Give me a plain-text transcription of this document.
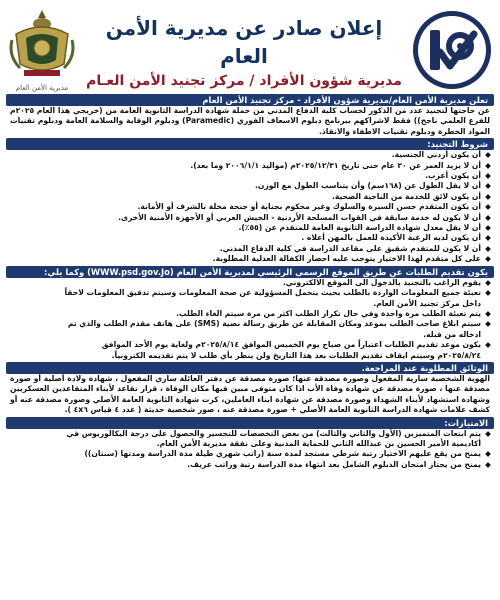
إعلان صادر عن مديرية الأمن العام
مديرية شؤون الأفراد / مركز تجنيد الأمن العـام
مديرية الأمن العام
تعلن مديرية الأمن العام/مديرية شؤون الأفراد - مركز تجنيد الأمن العام
عن حاجتها لتجنيد عدد من الذكور لحساب كلية الدفاع المدني من حملة شهادة الدراسة الثانوية العامة من (خريجي هذا العام ٢٠٢٥م للفرع العلمي ناجح)) فقط لاشراكهم ببرنامج دبلوم الاسعاف الفوري (Paramedic) ودبلوم الوقاية والسلامة العامة ودبلوم تقنيات المواد الخطرة ودبلوم تقنيات الاطفاء والانقاذ.
شروط التجنيد:
أن يكون أردني الجنسية.
أن لا يزيد العمر عن ٢٠ عام حتى تاريخ ٢٠٢٥/١٢/٣١م (مواليد ٢٠٠٦/١/١ وما بعد).
أن يكون أعزب.
أن لا يقل الطول عن (١٦٨سم) وأن يتناسب الطول مع الوزن.
أن يكون لائق للخدمة من الناحية الصحية.
أن يكون المتقدم حسن السيرة والسلوك وغير محكوم بجناية أو جنحة مخلة بالشرف أو الأمانة.
أن لا يكون له خدمة سابقة في القوات المسلحة الأردنية - الجيش العربي أو الأجهزة الأمنية الأخرى.
أن لا يقل معدل شهادة الدراسة الثانوية العامة للمتقدم عن (٥٥٪).
أن يكون لديه الرغبة الأكيدة للعمل بالمهن أعلاه .
أن لا يكون للمتقدم شقيق على مقاعد الدراسة في كلية الدفاع المدني.
على كل متقدم لهذا الاختيار يتوجب عليه احضار الكفالة العدلية المطلوبة.
يكون تقديم الطلبات عن طريق الموقع الرسمي الرئيسي لمديرية الأمن العام (WWW.psd.gov.Jo) وكما يلي:
يقوم الراغب بالتجنيد بالدخول الى الموقع الالكتروني.
تعبئة جميع المعلومات الواردة بالطلب بحيث يتحمل المسؤولية عن صحة المعلومات وسيتم تدقيق المعلومات لاحقاً
داخل مركز تجنيد الأمن العام.
يتم تعبئة الطلب مرة واحدة وفي حال تكرار الطلب اكثر من مرة سيتم الغاء الطلب.
سيتم ابلاغ صاحب الطلب بموعد ومكان المقابلة عن طريق رسالة نصية (SMS) على هاتف مقدم الطلب والذي تم
ادخاله من قبله.
يكون موعد تقديم الطلبات اعتباراً من صباح يوم الخميس الموافق ٢٠٢٥/٨/١٤م ولغاية يوم الأحد الموافق
٢٠٢٥/٨/٢٤م وسيتم ايقاف تقديم الطلبات بعد هذا التاريخ ولن ينظر بأي طلب لا يتم تقديمه الكترونياً.
الوثائق المطلوبة عند المراجعة.
الهوية الشخصية سارية المفعول وصورة مصدقة عنها؛ صورة مصدقة عن دفتر العائلة ساري المفعول ، شهادة ولادة أصلية أو صورة مصدقة عنها ، صورة مصدقة عن شهادة وفاة الأب اذا كان متوفى مبين فيها مكان الوفاة ، قرار تقاعد لأبناء المتقاعدين العسكريين وشهادة استشهاد لأبناء الشهداء وصورة مصدقة عن شهادة ابناء العاملين، كرت شهادة الثانوية العامة الأصلي وصورة مصدقة عنه أو كشف علامات شهادة الدراسة الثانوية العامة الأصلي + صورة مصدقة عنه ، صور شخصية حديثة ( عدد ٤ قياس ٤x٦ ).
الامتيازات:
يتم ابتعاث المتميزين (الأول والثاني والثالث) من بعض التخصصات للتجسير والحصول على درجة البكالوريوس في
أكاديمية الأمير الحسين بن عبدالله الثاني للحماية المدنية وعلى نفقة مديرية الأمن العام.
يمنح من يقع عليهم الاختيار رتبة شرطي مستجد لمدة سنة (راتب شهري طيلة مدة الدراسة ومدتها (سنتان))
يمنح من يجتاز امتحان الدبلوم الشامل بعد انتهاء مدة الدراسة رتبة وراتب عريف.
